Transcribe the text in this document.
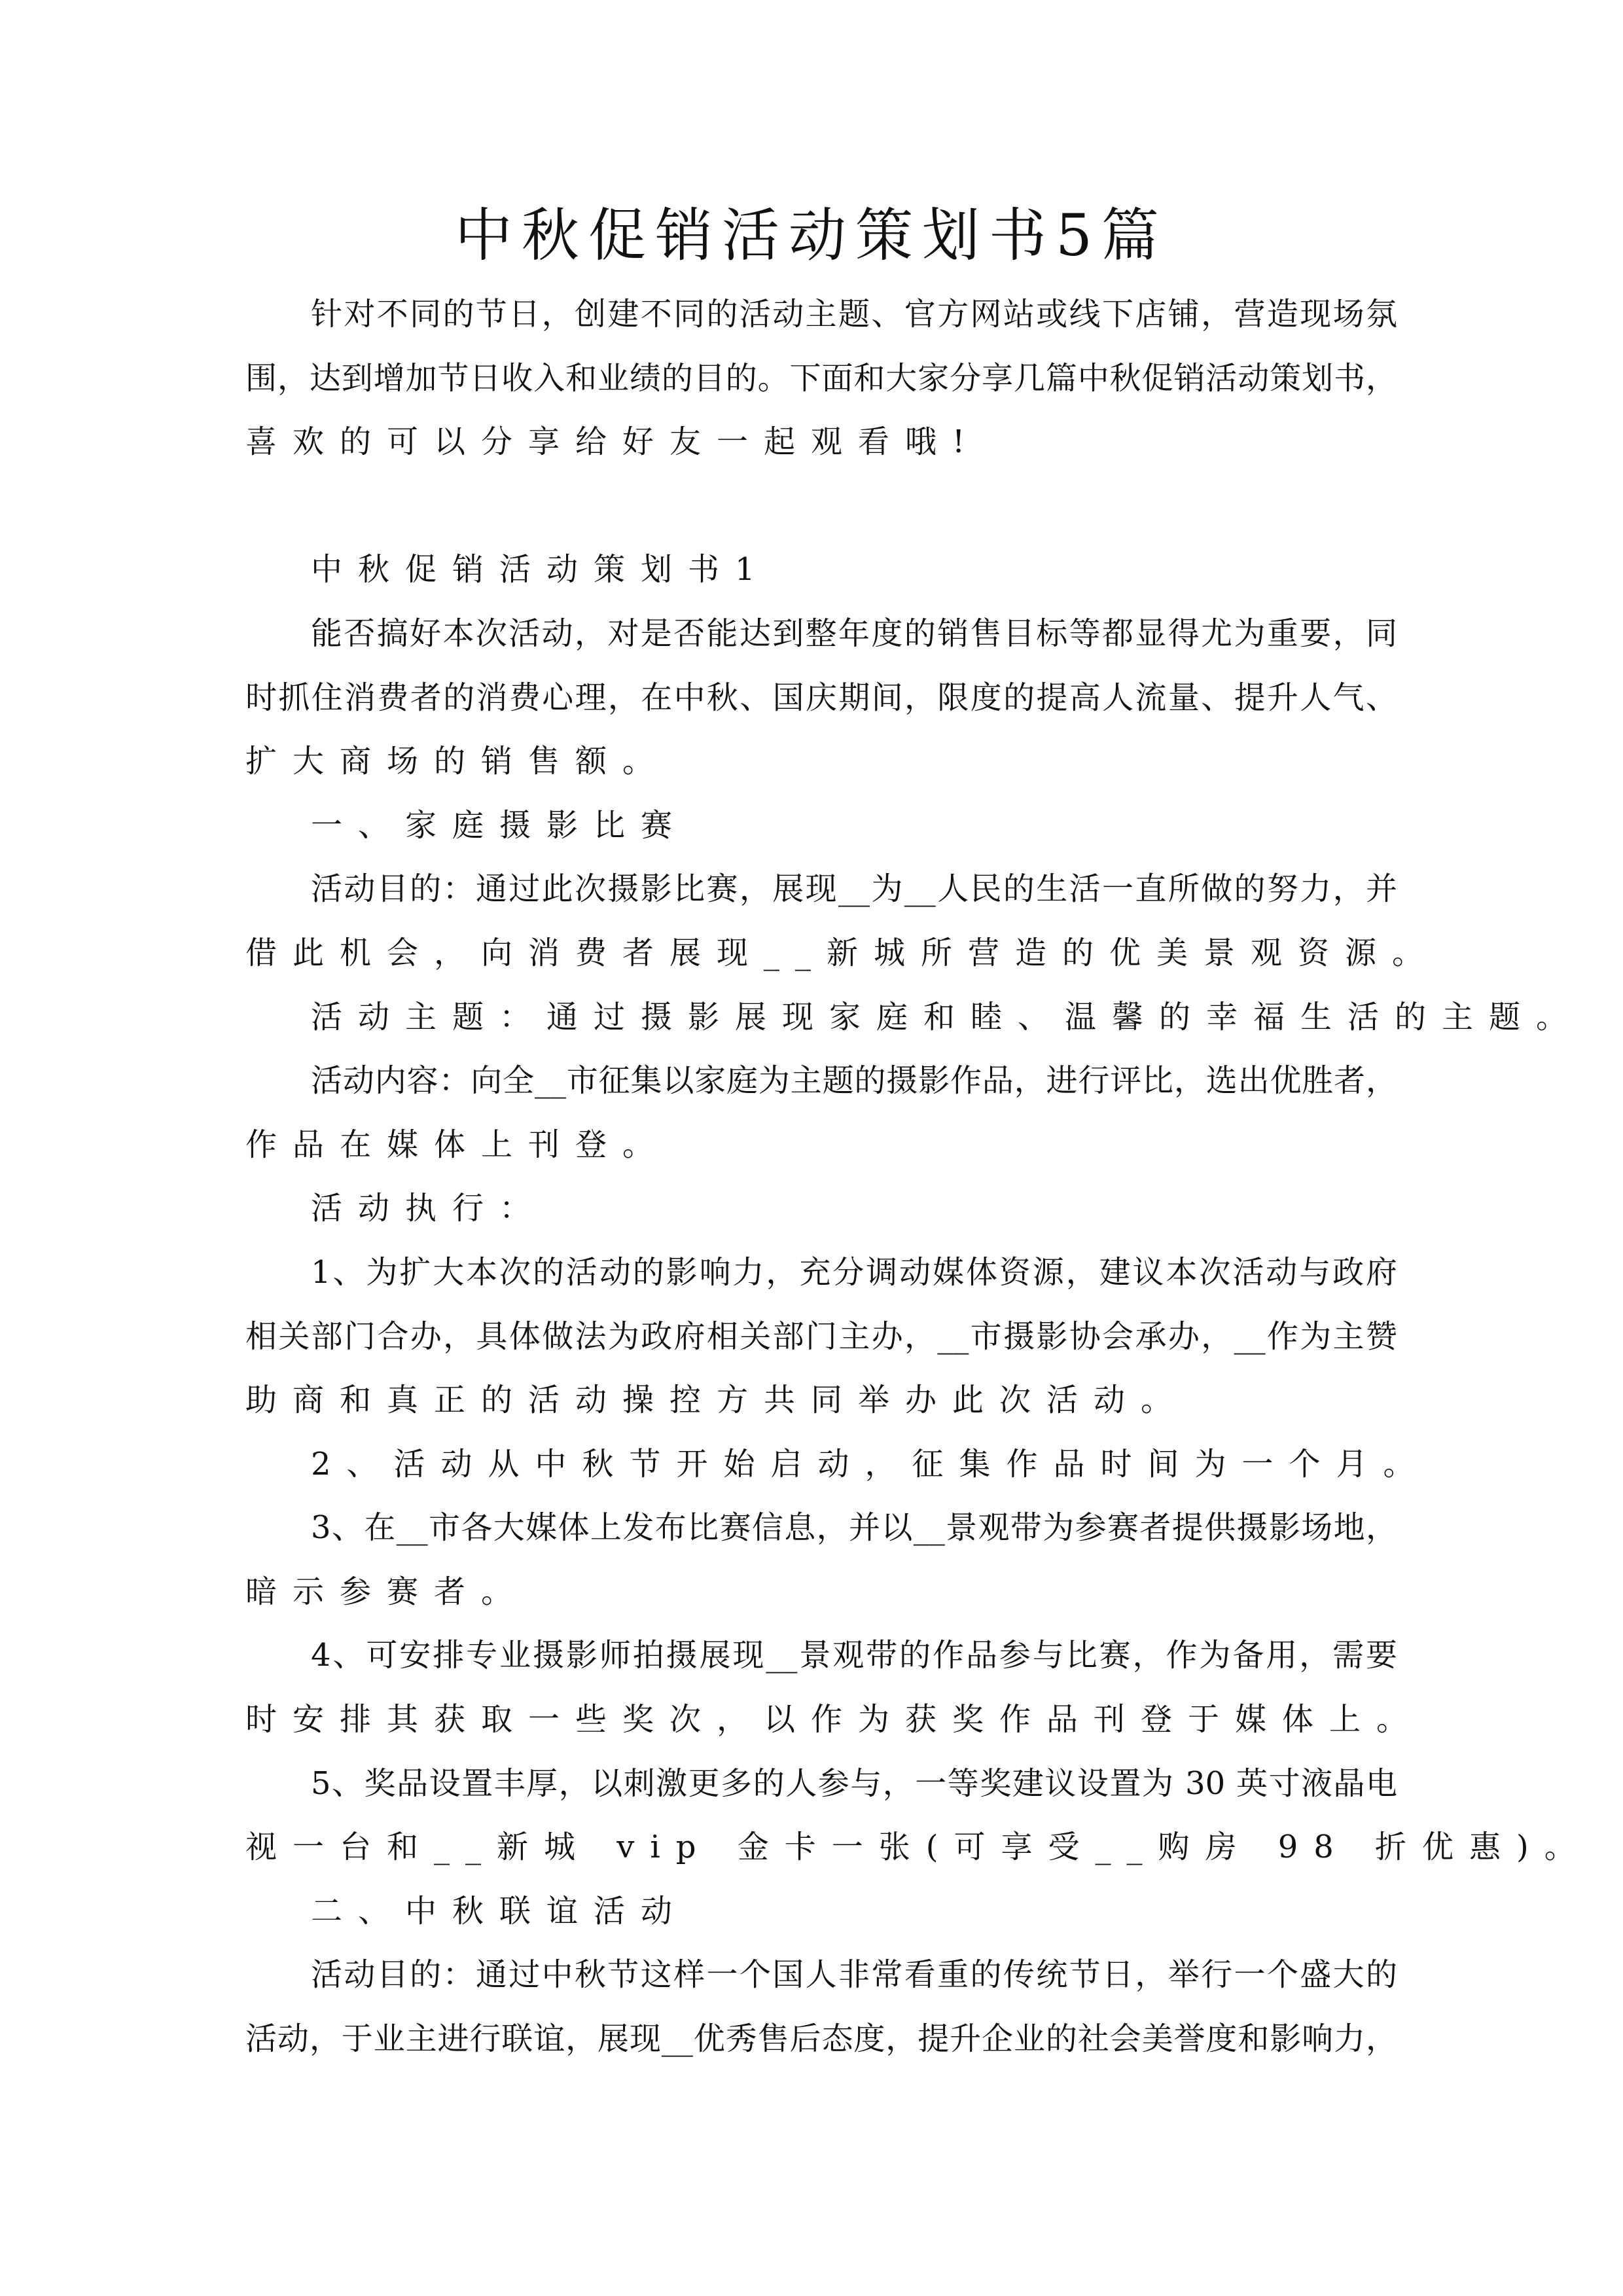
中秋促销活动策划书5篇
针对不同的节日，创建不同的活动主题、官方网站或线下店铺，营造现场氛
围，达到增加节日收入和业绩的目的。下面和大家分享几篇中秋促销活动策划书，
喜欢的可以分享给好友一起观看哦!
中秋促销活动策划书1
能否搞好本次活动，对是否能达到整年度的销售目标等都显得尤为重要，同
时抓住消费者的消费心理，在中秋、国庆期间，限度的提高人流量、提升人气、
扩大商场的销售额。
一、家庭摄影比赛
活动目的：通过此次摄影比赛，展现__为__人民的生活一直所做的努力，并
借此机会，向消费者展现__新城所营造的优美景观资源。
活动主题：通过摄影展现家庭和睦、温馨的幸福生活的主题。
活动内容：向全__市征集以家庭为主题的摄影作品，进行评比，选出优胜者，
作品在媒体上刊登。
活动执行：
1、为扩大本次的活动的影响力，充分调动媒体资源，建议本次活动与政府
相关部门合办，具体做法为政府相关部门主办，__市摄影协会承办，__作为主赞
助商和真正的活动操控方共同举办此次活动。
2、活动从中秋节开始启动，征集作品时间为一个月。
3、在__市各大媒体上发布比赛信息，并以__景观带为参赛者提供摄影场地，
暗示参赛者。
4、可安排专业摄影师拍摄展现__景观带的作品参与比赛，作为备用，需要
时安排其获取一些奖次，以作为获奖作品刊登于媒体上。
5、奖品设置丰厚，以刺激更多的人参与，一等奖建议设置为 30 英寸液晶电
视一台和__新城 vip 金卡一张(可享受__购房 98 折优惠)。
二、中秋联谊活动
活动目的：通过中秋节这样一个国人非常看重的传统节日，举行一个盛大的
活动，于业主进行联谊，展现__优秀售后态度，提升企业的社会美誉度和影响力，
